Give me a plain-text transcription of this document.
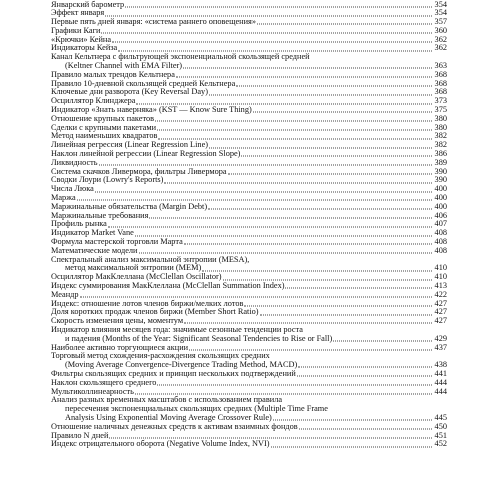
Январский барометр	354
Эффект января	354
Первые пять дней января: «система раннего оповещения»	357
Графики Каги	360
«Крючки» Кейна	362
Индикаторы Кейза	362
Канал Кельтнера с фильтрующей экспоненциальной скользящей средней
(Keltner Channel with EMA Filter)	363
Правило малых трендов Кельтнера	368
Правило 10-дневной скользящей средней Кельтнера	368
Ключевые дни разворота (Key Reversal Day)	368
Осциллятор Клинджера	373
Индикатор «Знать наверняка» (KST — Know Sure Thing)	375
Отношение крупных пакетов	380
Сделки с крупными пакетами	380
Метод наименьших квадратов	382
Линейная регрессия (Linear Regression Line)	382
Наклон линейной регрессии (Linear Regression Slope)	386
Ликвидность	389
Система скачков Ливермора, фильтры Ливермора	390
Сводки Лоури (Lowry's Reports)	390
Числа Люка	400
Маржа	400
Маржинальные обязательства (Margin Debt)	400
Маржинальные требования	406
Профиль рынка	407
Индикатор Market Vane	408
Формула мастерской торговли Марта	408
Математические модели	408
Спектральный анализ максимальной энтропии (MESA),
метод максимальной энтропии (MEM)	410
Осциллятор МакКлеллана (McClellan Oscillator)	410
Индекс суммирования МакКлеллана (McClellan Summation Index)	413
Меандр	422
Индекс: отношение лотов членов биржи/мелких лотов	427
Доля коротких продаж членов биржи (Member Short Ratio)	427
Скорость изменения цены, моментум	427
Индикатор влияния месяцев года: значимые сезонные тенденции роста
и падения (Months of the Year: Significant Seasonal Tendencies to Rise or Fall)	429
Наиболее активно торгующиеся акции	437
Торговый метод схождения-расхождения скользящих средних
(Moving Average Convergence-Divergence Trading Method, MACD)	438
Фильтры скользящих средних и принцип нескольких подтверждений	441
Наклон скользящего среднего	444
Мультиколлинеарность	444
Анализ разных временных масштабов с использованием правила
пересечения экспоненциальных скользящих средних (Multiple Time Frame
Analysis Using Exponential Moving Average Crossover Rule)	445
Отношение наличных денежных средств к активам взаимных фондов	450
Правило N дней	451
Индекс отрицательного оборота (Negative Volume Index, NVI)	452
